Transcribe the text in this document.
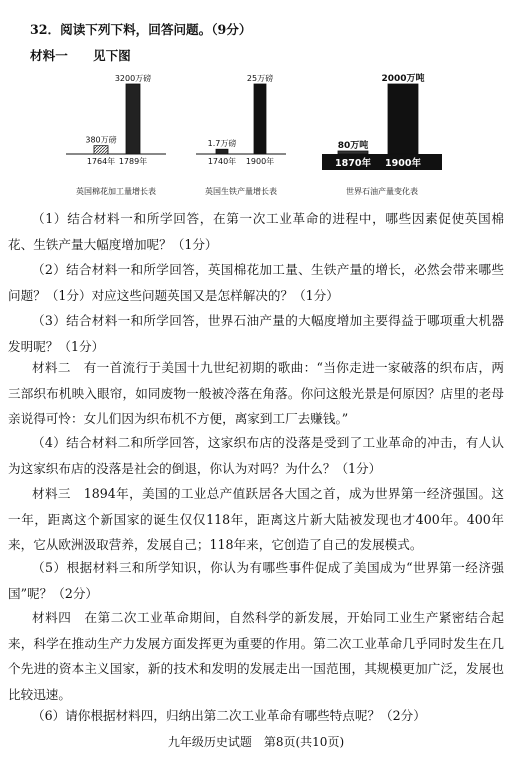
32．阅读下列下料，回答问题。（9分）
材料一　　见下图
380万磅
1764年
3200万磅
1789年
英国棉花加工量增长表
1.7万磅
1740年
25万磅
1900年
英国生铁产量增长表
80万吨
1870年
2000万吨
1900年
世界石油产量变化表
（1）结合材料一和所学回答，在第一次工业革命的进程中，哪些因素促使英国棉花、生铁产量大幅度增加呢？（1分）
（2）结合材料一和所学回答，英国棉花加工量、生铁产量的增长，必然会带来哪些问题？（1分）对应这些问题英国又是怎样解决的？（1分）
（3）结合材料一和所学回答，世界石油产量的大幅度增加主要得益于哪项重大机器发明呢？（1分）
材料二　有一首流行于美国十九世纪初期的歌曲：“当你走进一家破落的织布店，两三部织布机映入眼帘，如同废物一般被冷落在角落。你问这般光景是何原因？店里的老母亲说得可怜：女儿们因为织布机不方便，离家到工厂去赚钱。”
（4）结合材料二和所学回答，这家织布店的没落是受到了工业革命的冲击，有人认为这家织布店的没落是社会的倒退，你认为对吗？为什么？（1分）
材料三　1894年，美国的工业总产值跃居各大国之首，成为世界第一经济强国。这一年，距离这个新国家的诞生仅仅118年，距离这片新大陆被发现也才400年。400年来，它从欧洲汲取营养，发展自己；118年来，它创造了自己的发展模式。
（5）根据材料三和所学知识，你认为有哪些事件促成了美国成为“世界第一经济强国”呢？（2分）
材料四　在第二次工业革命期间，自然科学的新发展，开始同工业生产紧密结合起来，科学在推动生产力发展方面发挥更为重要的作用。第二次工业革命几乎同时发生在几个先进的资本主义国家，新的技术和发明的发展走出一国范围，其规模更加广泛，发展也比较迅速。
（6）请你根据材料四，归纳出第二次工业革命有哪些特点呢？（2分）
九年级历史试题　第8页(共10页)
